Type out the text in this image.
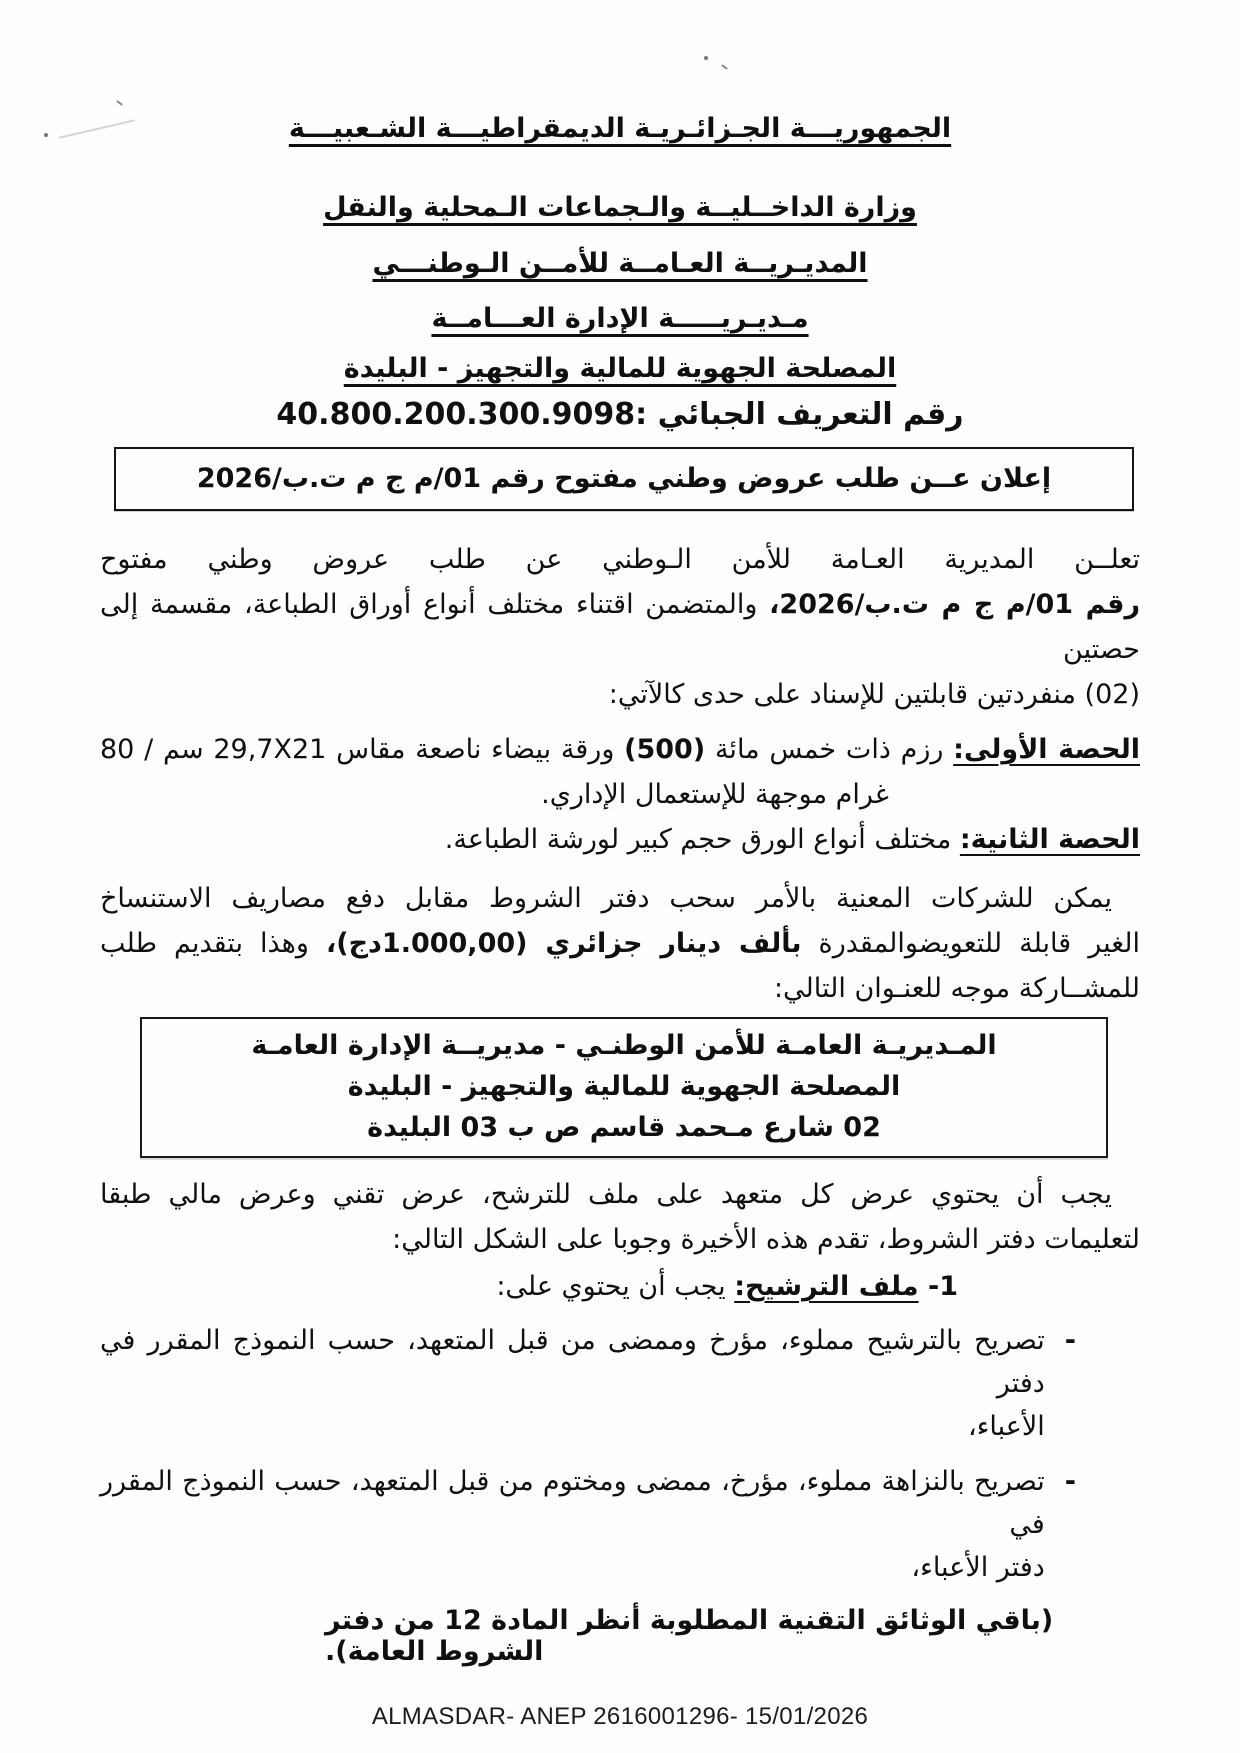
الجمهوريـــة الجـزائـريـة الديمقراطيـــة الشـعبيـــة
وزارة الداخــليــة والـجماعات الـمحلية والنقل
المديـريــة العـامــة للأمــن الـوطنـــي
مـديـريـــــة الإدارة العـــامــة
المصلحة الجهوية للمالية والتجهيز - البليدة
رقم التعريف الجبائي :40.800.200.300.9098
إعلان عــن طلب عروض وطني مفتوح رقم 01/م ج م ت.ب/2026
تعلــن المديرية العـامة للأمن الـوطني عن طلب عروض وطني مفتوح
رقم 01/م ج م ت.ب/2026، والمتضمن اقتناء مختلف أنواع أوراق الطباعة، مقسمة إلى حصتين
(02) منفردتين قابلتين للإسناد على حدى كالآتي:
الحصة الأولى: رزم ذات خمس مائة (500) ورقة بيضاء ناصعة مقاس 29,7X21 سم / 80
غرام موجهة للإستعمال الإداري.
الحصة الثانية: مختلف أنواع الورق حجم كبير لورشة الطباعة.
يمكن للشركات المعنية بالأمر سحب دفتر الشروط مقابل دفع مصاريف الاستنساخ
الغير قابلة للتعويضوالمقدرة بألف دينار جزائري (1.000,00دج)، وهذا بتقديم طلب
للمشــاركة موجه للعنـوان التالي:
المـديريـة العامـة للأمن الوطنـي - مديريــة الإدارة العامـة
المصلحة الجهوية للمالية والتجهيز - البليدة
02 شارع مـحمد قاسم ص ب 03 البليدة
يجب أن يحتوي عرض كل متعهد على ملف للترشح، عرض تقني وعرض مالي طبقا
لتعليمات دفتر الشروط، تقدم هذه الأخيرة وجوبا على الشكل التالي:
1- ملف الترشيح: يجب أن يحتوي على:
-
تصريح بالترشيح مملوء، مؤرخ وممضى من قبل المتعهد، حسب النموذج المقرر في دفتر
الأعباء،
-
تصريح بالنزاهة مملوء، مؤرخ، ممضى ومختوم من قبل المتعهد، حسب النموذج المقرر في
دفتر الأعباء،
(باقي الوثائق التقنية المطلوبة أنظر المادة 12 من دفتر الشروط العامة).
ALMASDAR- ANEP 2616001296- 15/01/2026
